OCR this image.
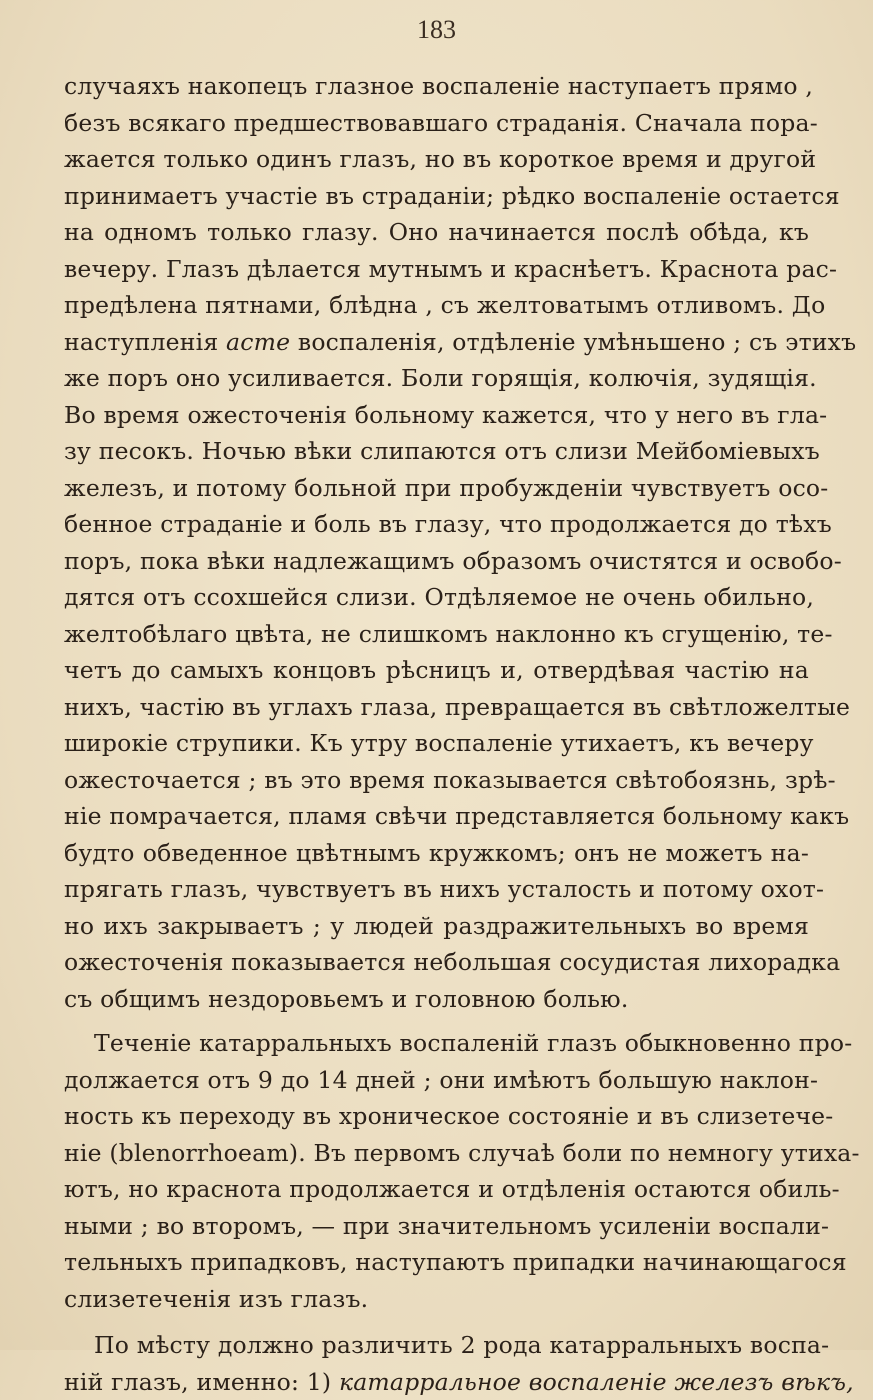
183
случаяхъ накопецъ глазное воспаленіе наступаетъ прямо ,
безъ всякаго предшествовавшаго страданія. Сначала пора-
жается только одинъ глазъ, но въ короткое время и другой
принимаетъ участіе въ страданіи; рѣдко воспаленіе остается
на одномъ только глазу. Оно начинается послѣ обѣда, къ
вечеру. Глазъ дѣлается мутнымъ и краснѣетъ. Краснота рас-
предѣлена пятнами, блѣдна , съ желтоватымъ отливомъ. До
наступленія acme воспаленія, отдѣленіе умѣньшено ; съ этихъ
же поръ оно усиливается. Боли горящія, колючія, зудящія.
Во время ожесточенія больному кажется, что у него въ гла-
зу песокъ. Ночью вѣки слипаются отъ слизи Мейбоміевыхъ
железъ, и потому больной при пробужденіи чувствуетъ осо-
бенное страданіе и боль въ глазу, что продолжается до тѣхъ
поръ, пока вѣки надлежащимъ образомъ очистятся и освобо-
дятся отъ ссохшейся слизи. Отдѣляемое не очень обильно,
желтобѣлаго цвѣта, не слишкомъ наклонно къ сгущенію, те-
четъ до самыхъ концовъ рѣсницъ и, отвердѣвая частію на
нихъ, частію въ углахъ глаза, превращается въ свѣтложелтые
широкіе струпики. Къ утру воспаленіе утихаетъ, къ вечеру
ожесточается ; въ это время показывается свѣтобоязнь, зрѣ-
ніе помрачается, пламя свѣчи представляется больному какъ
будто обведенное цвѣтнымъ кружкомъ; онъ не можетъ на-
прягать глазъ, чувствуетъ въ нихъ усталость и потому охот-
но ихъ закрываетъ ; у людей раздражительныхъ во время
ожесточенія показывается небольшая сосудистая лихорадка
съ общимъ нездоровьемъ и головною болью.
Теченіе катарральныхъ воспаленій глазъ обыкновенно про-
должается отъ 9 до 14 дней ; они имѣютъ большую наклон-
ность къ переходу въ хроническое состояніе и въ слизетече-
ніе (blenorrhoeam). Въ первомъ случаѣ боли по немногу утиха-
ютъ, но краснота продолжается и отдѣленія остаются обиль-
ными ; во второмъ, — при значительномъ усиленіи воспали-
тельныхъ припадковъ, наступаютъ припадки начинающагося
слизетеченія изъ глазъ.
По мѣсту должно различить 2 рода катарральныхъ воспа-
ній глазъ, именно: 1) катарральное воспаленіе железъ вѣкъ,
